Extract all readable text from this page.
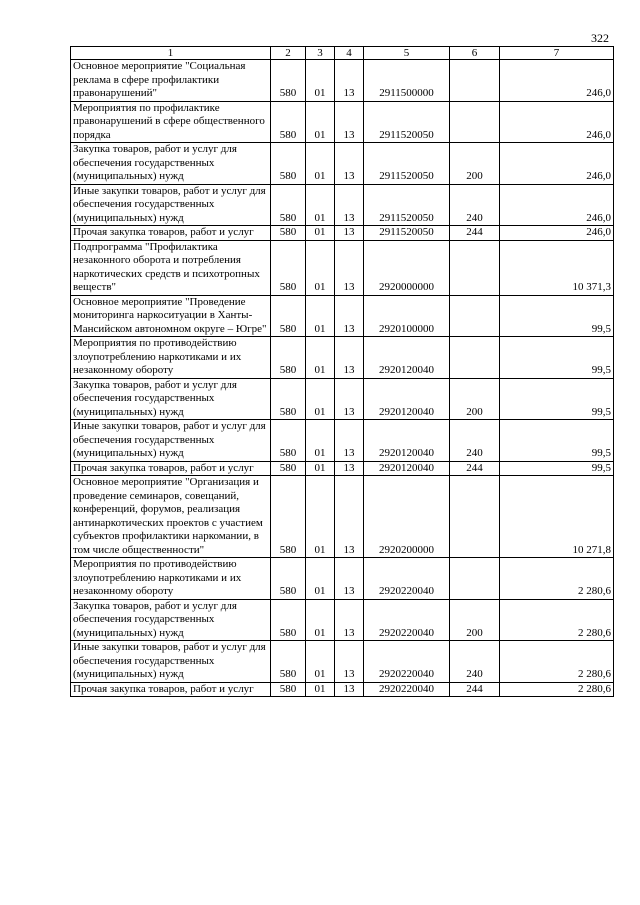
322
1	2	3	4	5	6	7
Основное мероприятие "Социальная реклама в сфере профилактики правонарушений"	580	01	13	2911500000		246,0
Мероприятия по профилактике правонарушений в сфере общественного порядка	580	01	13	2911520050		246,0
Закупка товаров, работ и услуг для обеспечения государственных (муниципальных) нужд	580	01	13	2911520050	200	246,0
Иные закупки товаров, работ и услуг для обеспечения государственных (муниципальных) нужд	580	01	13	2911520050	240	246,0
Прочая закупка товаров, работ и услуг	580	01	13	2911520050	244	246,0
Подпрограмма "Профилактика незаконного оборота и потребления наркотических средств и психотропных веществ"	580	01	13	2920000000		10 371,3
Основное мероприятие "Проведение мониторинга наркоситуации в Ханты-Мансийском автономном округе – Югре"	580	01	13	2920100000		99,5
Мероприятия по противодействию злоупотреблению наркотиками и их незаконному обороту	580	01	13	2920120040		99,5
Закупка товаров, работ и услуг для обеспечения государственных (муниципальных) нужд	580	01	13	2920120040	200	99,5
Иные закупки товаров, работ и услуг для обеспечения государственных (муниципальных) нужд	580	01	13	2920120040	240	99,5
Прочая закупка товаров, работ и услуг	580	01	13	2920120040	244	99,5
Основное мероприятие "Организация и проведение семинаров, совещаний, конференций, форумов, реализация антинаркотических проектов с участием субъектов профилактики наркомании, в том числе общественности"	580	01	13	2920200000		10 271,8
Мероприятия по противодействию злоупотреблению наркотиками и их незаконному обороту	580	01	13	2920220040		2 280,6
Закупка товаров, работ и услуг для обеспечения государственных (муниципальных) нужд	580	01	13	2920220040	200	2 280,6
Иные закупки товаров, работ и услуг для обеспечения государственных (муниципальных) нужд	580	01	13	2920220040	240	2 280,6
Прочая закупка товаров, работ и услуг	580	01	13	2920220040	244	2 280,6
